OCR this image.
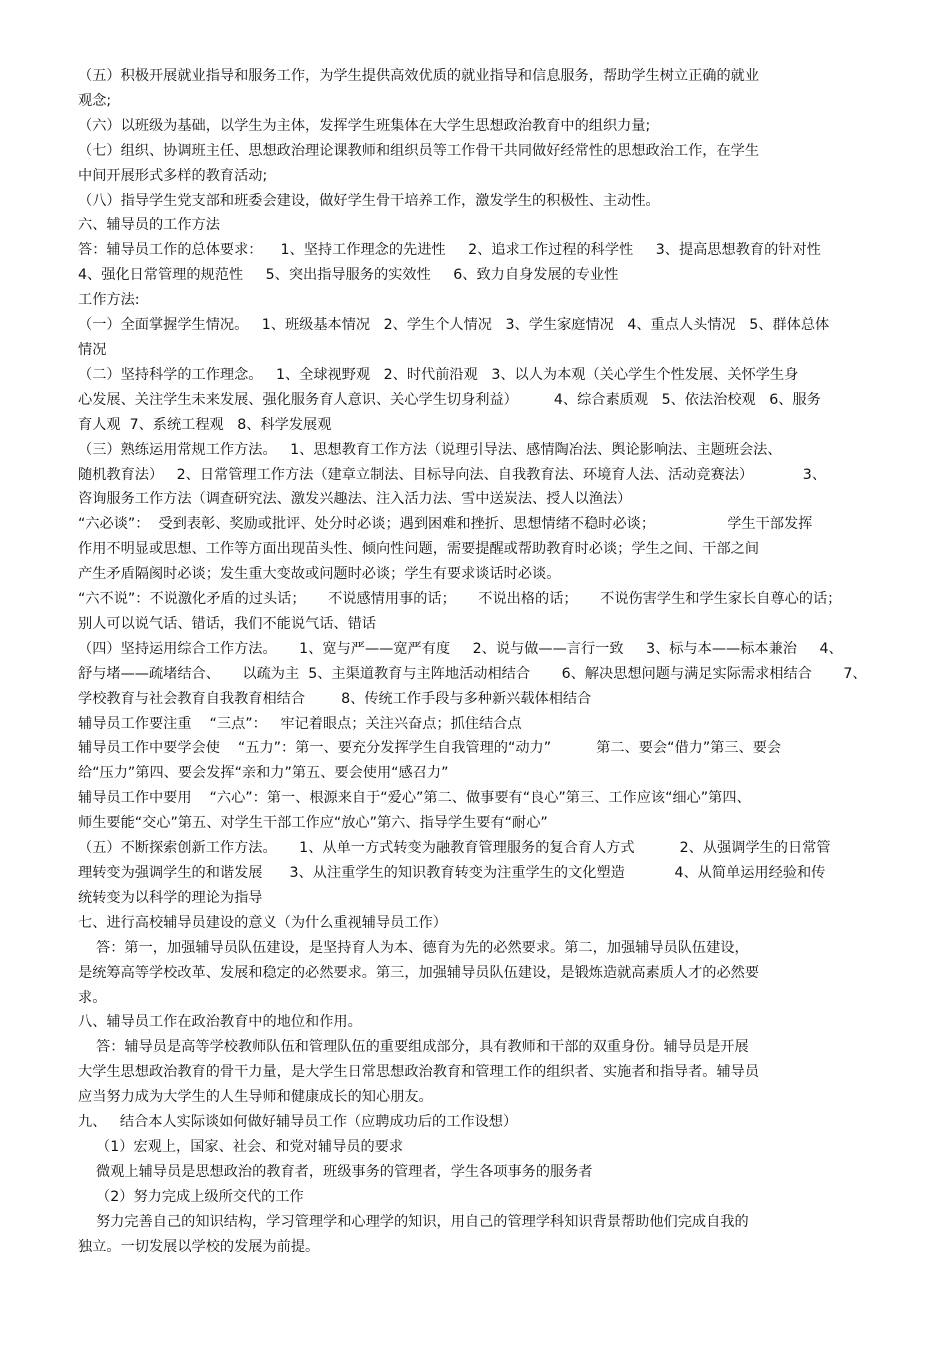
（五）积极开展就业指导和服务工作，为学生提供高效优质的就业指导和信息服务，帮助学生树立正确的就业
观念;
（六）以班级为基础，以学生为主体，发挥学生班集体在大学生思想政治教育中的组织力量;
（七）组织、协调班主任、思想政治理论课教师和组织员等工作骨干共同做好经常性的思想政治工作，在学生
中间开展形式多样的教育活动;
（八）指导学生党支部和班委会建设，做好学生骨干培养工作，激发学生的积极性、主动性。
六、辅导员的工作方法
答：辅导员工作的总体要求：    1、坚持工作理念的先进性     2、追求工作过程的科学性     3、提高思想教育的针对性
4、强化日常管理的规范性     5、突出指导服务的实效性     6、致力自身发展的专业性
工作方法:
（一）全面掌握学生情况。   1、班级基本情况   2、学生个人情况   3、学生家庭情况   4、重点人头情况   5、群体总体
情况
（二）坚持科学的工作理念。   1、全球视野观   2、时代前沿观   3、以人为本观（关心学生个性发展、关怀学生身
心发展、关注学生未来发展、强化服务育人意识、关心学生切身利益）        4、综合素质观   5、依法治校观   6、服务
育人观  7、系统工程观   8、科学发展观
（三）熟练运用常规工作方法。   1、思想教育工作方法（说理引导法、感情陶冶法、舆论影响法、主题班会法、
随机教育法）   2、日常管理工作方法（建章立制法、目标导向法、自我教育法、环境育人法、活动竞赛法）           3、
咨询服务工作方法（调查研究法、激发兴趣法、注入活力法、雪中送炭法、授人以渔法）
“六必谈”：  受到表彰、奖励或批评、处分时必谈；遇到困难和挫折、思想情绪不稳时必谈；                学生干部发挥
作用不明显或思想、工作等方面出现苗头性、倾向性问题，需要提醒或帮助教育时必谈；学生之间、干部之间
产生矛盾隔阂时必谈；发生重大变故或问题时必谈；学生有要求谈话时必谈。
“六不说”：不说激化矛盾的过头话；     不说感情用事的话；     不说出格的话；     不说伤害学生和学生家长自尊心的话；
别人可以说气话、错话，我们不能说气话、错话
（四）坚持运用综合工作方法。     1、宽与严——宽严有度     2、说与做——言行一致     3、标与本——标本兼治     4、
舒与堵——疏堵结合、     以疏为主  5、主渠道教育与主阵地活动相结合       6、解决思想问题与满足实际需求相结合       7、
学校教育与社会教育自我教育相结合        8、传统工作手段与多种新兴载体相结合
辅导员工作要注重    “三点”：   牢记着眼点；关注兴奋点；抓住结合点
辅导员工作中要学会使    “五力”：第一、要充分发挥学生自我管理的“动力”          第二、要会“借力”第三、要会
给“压力”第四、要会发挥“亲和力”第五、要会使用“感召力”
辅导员工作中要用    “六心”：第一、根源来自于“爱心”第二、做事要有“良心”第三、工作应该“细心”第四、
师生要能“交心”第五、对学生干部工作应“放心”第六、指导学生要有“耐心”
（五）不断探索创新工作方法。     1、从单一方式转变为融教育管理服务的复合育人方式          2、从强调学生的日常管
理转变为强调学生的和谐发展      3、从注重学生的知识教育转变为注重学生的文化塑造           4、从简单运用经验和传
统转变为以科学的理论为指导
七、进行高校辅导员建设的意义（为什么重视辅导员工作）
答：第一，加强辅导员队伍建设，是坚持育人为本、德育为先的必然要求。第二，加强辅导员队伍建设，
是统筹高等学校改革、发展和稳定的必然要求。第三，加强辅导员队伍建设，是锻炼造就高素质人才的必然要
求。
八、辅导员工作在政治教育中的地位和作用。
答：辅导员是高等学校教师队伍和管理队伍的重要组成部分，具有教师和干部的双重身份。辅导员是开展
大学生思想政治教育的骨干力量，是大学生日常思想政治教育和管理工作的组织者、实施者和指导者。辅导员
应当努力成为大学生的人生导师和健康成长的知心朋友。
九、   结合本人实际谈如何做好辅导员工作（应聘成功后的工作设想）
（1）宏观上，国家、社会、和党对辅导员的要求
微观上辅导员是思想政治的教育者，班级事务的管理者，学生各项事务的服务者
（2）努力完成上级所交代的工作
努力完善自己的知识结构，学习管理学和心理学的知识，用自己的管理学科知识背景帮助他们完成自我的
独立。一切发展以学校的发展为前提。
